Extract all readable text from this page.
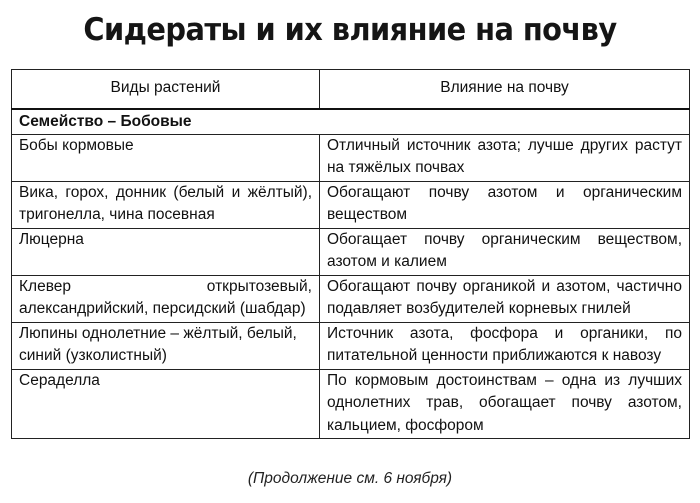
Сидераты и их влияние на почву
Виды растений	Влияние на почву
Семейство – Бобовые	
Бобы кормовые	Отличный источник азота; лучше других растут на тяжёлых почвах
Вика, горох, донник (белый и жёлтый), тригонелла, чина посевная	Обогащают почву азотом и органическим веществом
Люцерна	Обогащает почву органическим веществом, азотом и калием
Клевер открытозевый, александрийский, персидский (шабдар)	Обогащают почву органикой и азотом, частично подавляет возбудителей корневых гнилей
Люпины однолетние – жёлтый, белый, синий (узколистный)	Источник азота, фосфора и органики, по питательной ценности приближаются к навозу
Сераделла	По кормовым достоинствам – одна из лучших однолетних трав, обогащает почву азотом, кальцием, фосфором
(Продолжение см. 6 ноября)
